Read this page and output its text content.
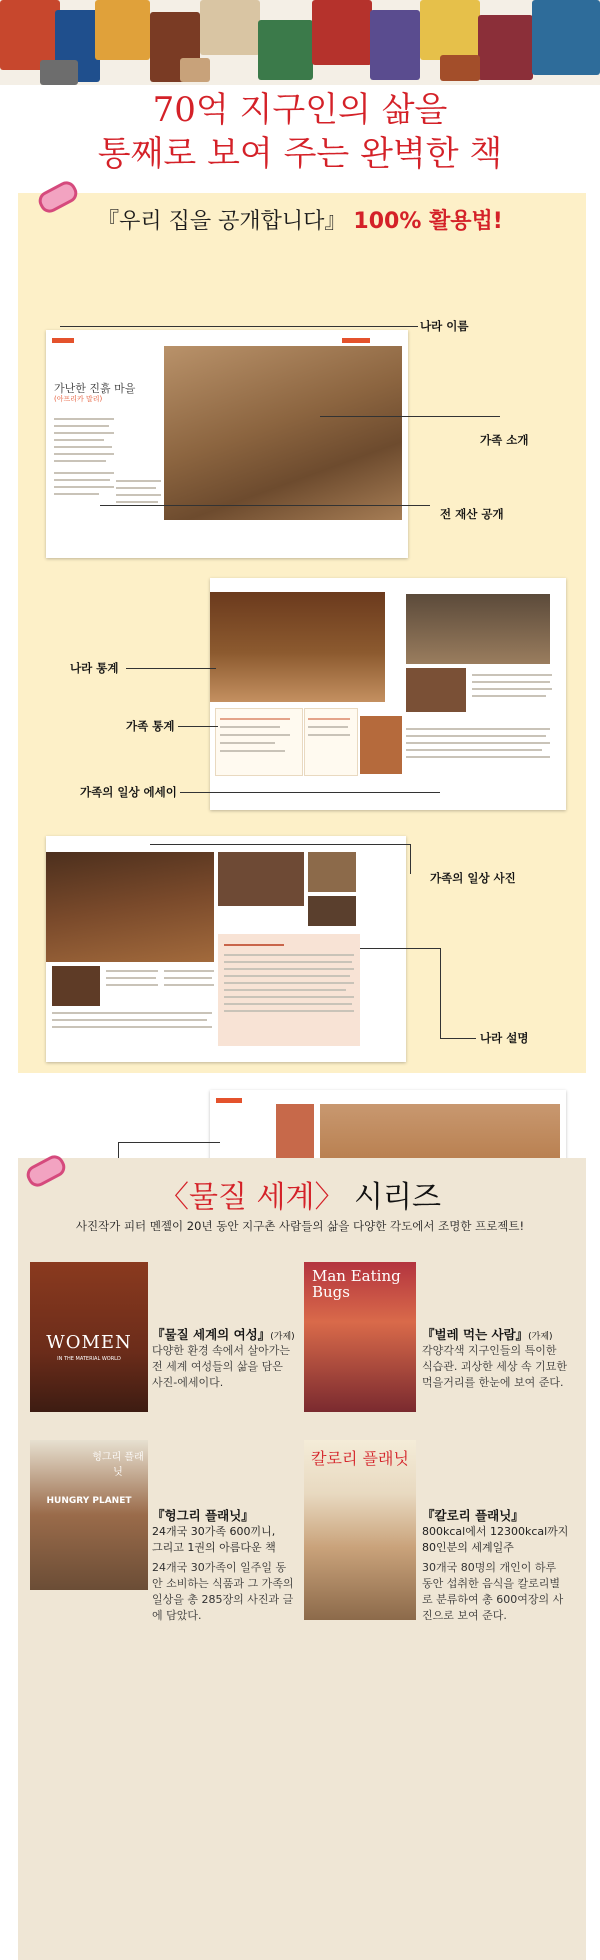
70억 지구인의 삶을
통째로 보여 주는 완벽한 책
『우리 집을 공개합니다』 100% 활용법!
가난한 진흙 마을
(아프리카 말리)
나라 이름
가족 소개
전 재산 공개
나라 통계
가족 통계
가족의 일상 에세이
가족의 일상 사진
나라 설명
〈물질 세계〉 시리즈
사진작가 피터 멘젤이 20년 동안 지구촌 사람들의 삶을 다양한 각도에서 조명한 프로젝트!
WOMEN
IN THE MATERIAL WORLD
『물질 세계의 여성』(가제)
다양한 환경 속에서 살아가는 전 세계 여성들의 삶을 담은 사진-에세이다.
Man Eating Bugs
『벌레 먹는 사람』(가제)
각양각색 지구인들의 특이한 식습관. 괴상한 세상 속 기묘한 먹을거리를 한눈에 보여 준다.
HUNGRY PLANET
헝그리 플래닛
『헝그리 플래닛』
24개국 30가족 600끼니, 그리고 1권의 아름다운 책
24개국 30가족이 일주일 동안 소비하는 식품과 그 가족의 일상을 총 285장의 사진과 글에 담았다.
칼로리 플래닛
『칼로리 플래닛』
800kcal에서 12300kcal까지 80인분의 세계일주
30개국 80명의 개인이 하루 동안 섭취한 음식을 칼로리별로 분류하여 총 600여장의 사진으로 보여 준다.
